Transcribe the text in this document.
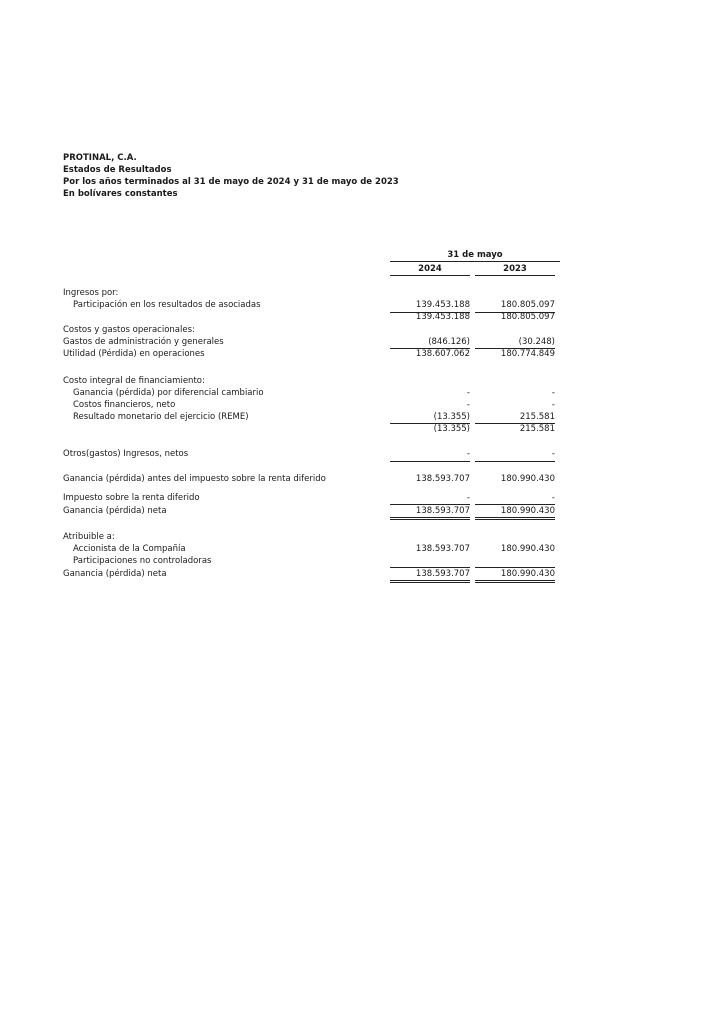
PROTINAL, C.A.
Estados de Resultados
Por los años terminados al 31 de mayo de 2024 y 31 de mayo de 2023
En bolívares constantes
31 de mayo
2024	2023
Ingresos por:
Participación en los resultados de asociadas	139.453.188	180.805.097
139.453.188	180.805.097
Costos y gastos operacionales:
Gastos de administración y generales	(846.126)	(30.248)
Utilidad (Pérdida) en operaciones	138.607.062	180.774.849
Costo integral de financiamiento:
Ganancia (pérdida) por diferencial cambiario	-	-
Costos financieros, neto	-	-
Resultado monetario del ejercicio (REME)	(13.355)	215.581
(13.355)	215.581
Otros(gastos) Ingresos, netos	-	-
Ganancia (pérdida) antes del impuesto sobre la renta diferido	138.593.707	180.990.430
Impuesto sobre la renta diferido	-	-
Ganancia (pérdida) neta	138.593.707	180.990.430
Atribuible a:
Accionista de la Compañía	138.593.707	180.990.430
Participaciones no controladoras
Ganancia (pérdida) neta	138.593.707	180.990.430
